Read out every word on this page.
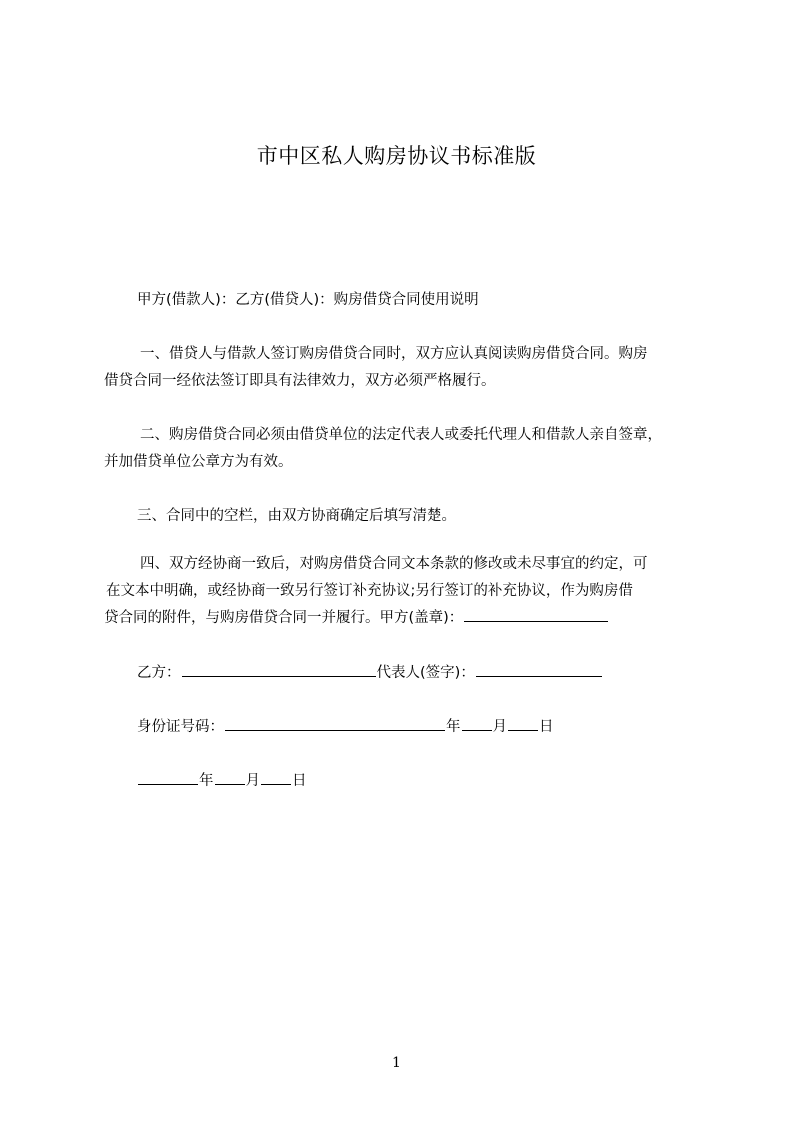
市中区私人购房协议书标准版
甲方(借款人)：乙方(借贷人)：购房借贷合同使用说明
一、借贷人与借款人签订购房借贷合同时，双方应认真阅读购房借贷合同。购房
借贷合同一经依法签订即具有法律效力，双方必须严格履行。
二、购房借贷合同必须由借贷单位的法定代表人或委托代理人和借款人亲自签章，
并加借贷单位公章方为有效。
三、合同中的空栏，由双方协商确定后填写清楚。
四、双方经协商一致后，对购房借贷合同文本条款的修改或未尽事宜的约定，可
在文本中明确，或经协商一致另行签订补充协议;另行签订的补充协议，作为购房借
贷合同的附件，与购房借贷合同一并履行。甲方(盖章)：
乙方：	代表人(签字)：
身份证号码：	年 月 日
年 月 日
1
